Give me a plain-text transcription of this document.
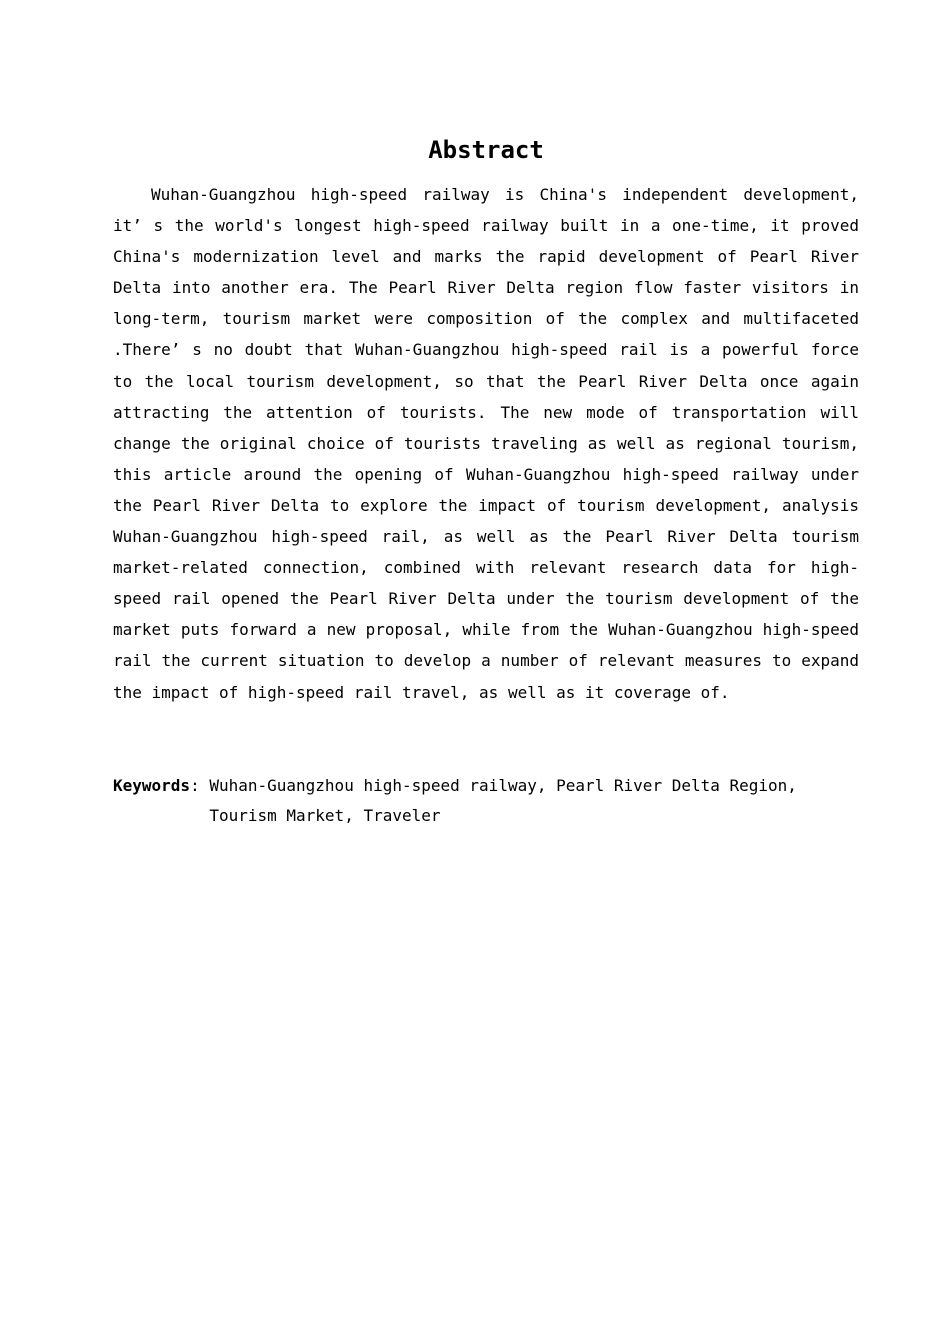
Abstract

Wuhan-Guangzhou high-speed railway is China's independent development, it’ s the world's longest high-speed railway built in a one-time, it proved China's modernization level and marks the rapid development of Pearl River Delta into another era. The Pearl River Delta region flow faster visitors in long-term, tourism market were composition of the complex and multifaceted .There’ s no doubt that Wuhan-Guangzhou high-speed rail is a powerful force to the local tourism development, so that the Pearl River Delta once again attracting the attention of tourists. The new mode of transportation will change the original choice of tourists traveling as well as regional tourism, this article around the opening of Wuhan-Guangzhou high-speed railway under the Pearl River Delta to explore the impact of tourism development, analysis Wuhan-Guangzhou high-speed rail, as well as the Pearl River Delta tourism market-related connection, combined with relevant research data for high-speed rail opened the Pearl River Delta under the tourism development of the market puts forward a new proposal, while from the Wuhan-Guangzhou high-speed rail the current situation to develop a number of relevant measures to expand the impact of high-speed rail travel, as well as it coverage of.

Keywords : Wuhan-Guangzhou high-speed railway, Pearl River Delta Region, Tourism Market, Traveler
